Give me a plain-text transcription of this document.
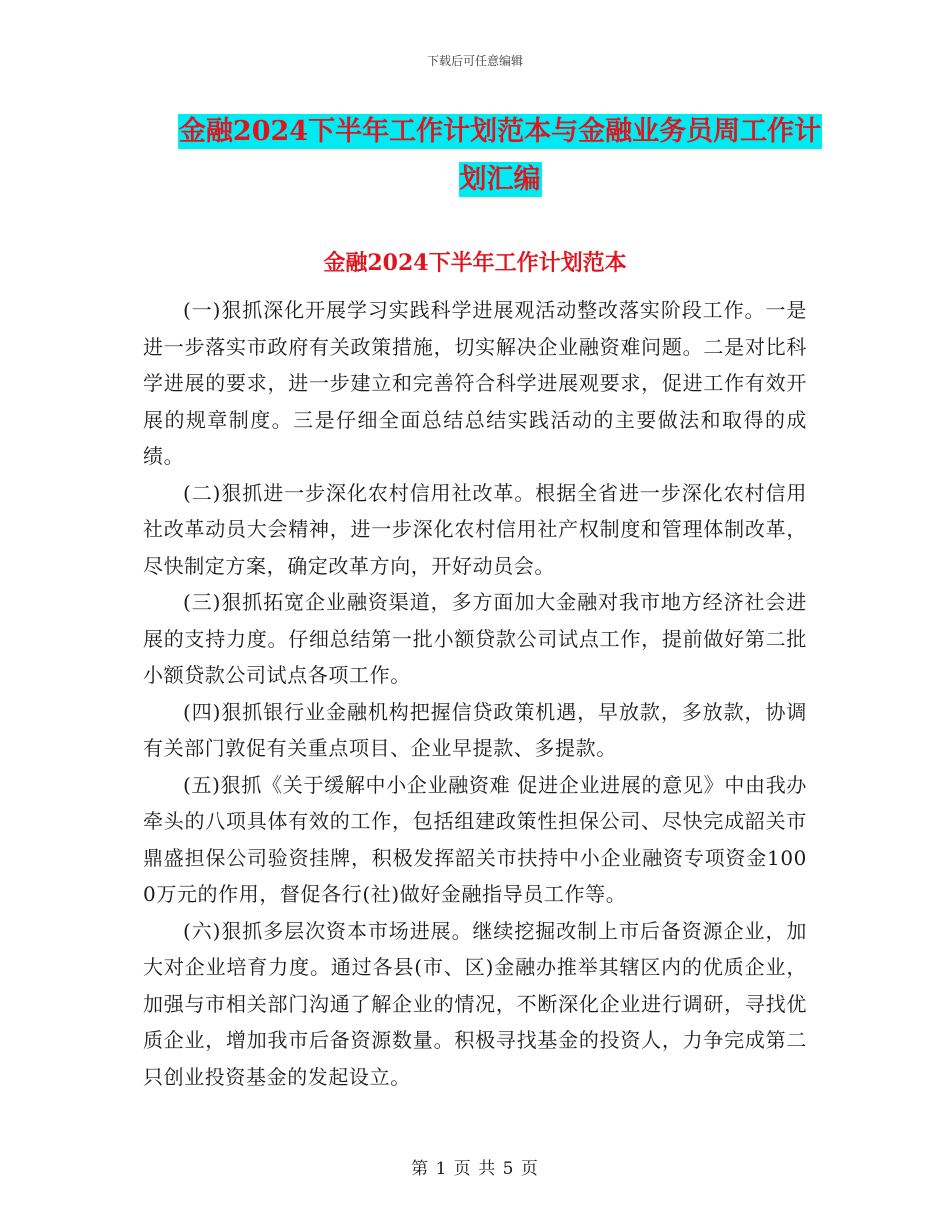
下载后可任意编辑
金融2024下半年工作计划范本与金融业务员周工作计
划汇编
金融2024下半年工作计划范本

(一)狠抓深化开展学习实践科学进展观活动整改落实阶段工作。一是进一步落实市政府有关政策措施，切实解决企业融资难问题。二是对比科学进展的要求，进一步建立和完善符合科学进展观要求，促进工作有效开展的规章制度。三是仔细全面总结总结实践活动的主要做法和取得的成绩。

(二)狠抓进一步深化农村信用社改革。根据全省进一步深化农村信用社改革动员大会精神，进一步深化农村信用社产权制度和管理体制改革，尽快制定方案，确定改革方向，开好动员会。

(三)狠抓拓宽企业融资渠道，多方面加大金融对我市地方经济社会进展的支持力度。仔细总结第一批小额贷款公司试点工作，提前做好第二批小额贷款公司试点各项工作。

(四)狠抓银行业金融机构把握信贷政策机遇，早放款，多放款，协调有关部门敦促有关重点项目、企业早提款、多提款。

(五)狠抓《关于缓解中小企业融资难 促进企业进展的意见》中由我办牵头的八项具体有效的工作，包括组建政策性担保公司、尽快完成韶关市鼎盛担保公司验资挂牌，积极发挥韶关市扶持中小企业融资专项资金1000万元的作用，督促各行(社)做好金融指导员工作等。

(六)狠抓多层次资本市场进展。继续挖掘改制上市后备资源企业，加大对企业培育力度。通过各县(市、区)金融办推举其辖区内的优质企业，加强与市相关部门沟通了解企业的情况，不断深化企业进行调研，寻找优质企业，增加我市后备资源数量。积极寻找基金的投资人，力争完成第二只创业投资基金的发起设立。

第 1 页 共 5 页
